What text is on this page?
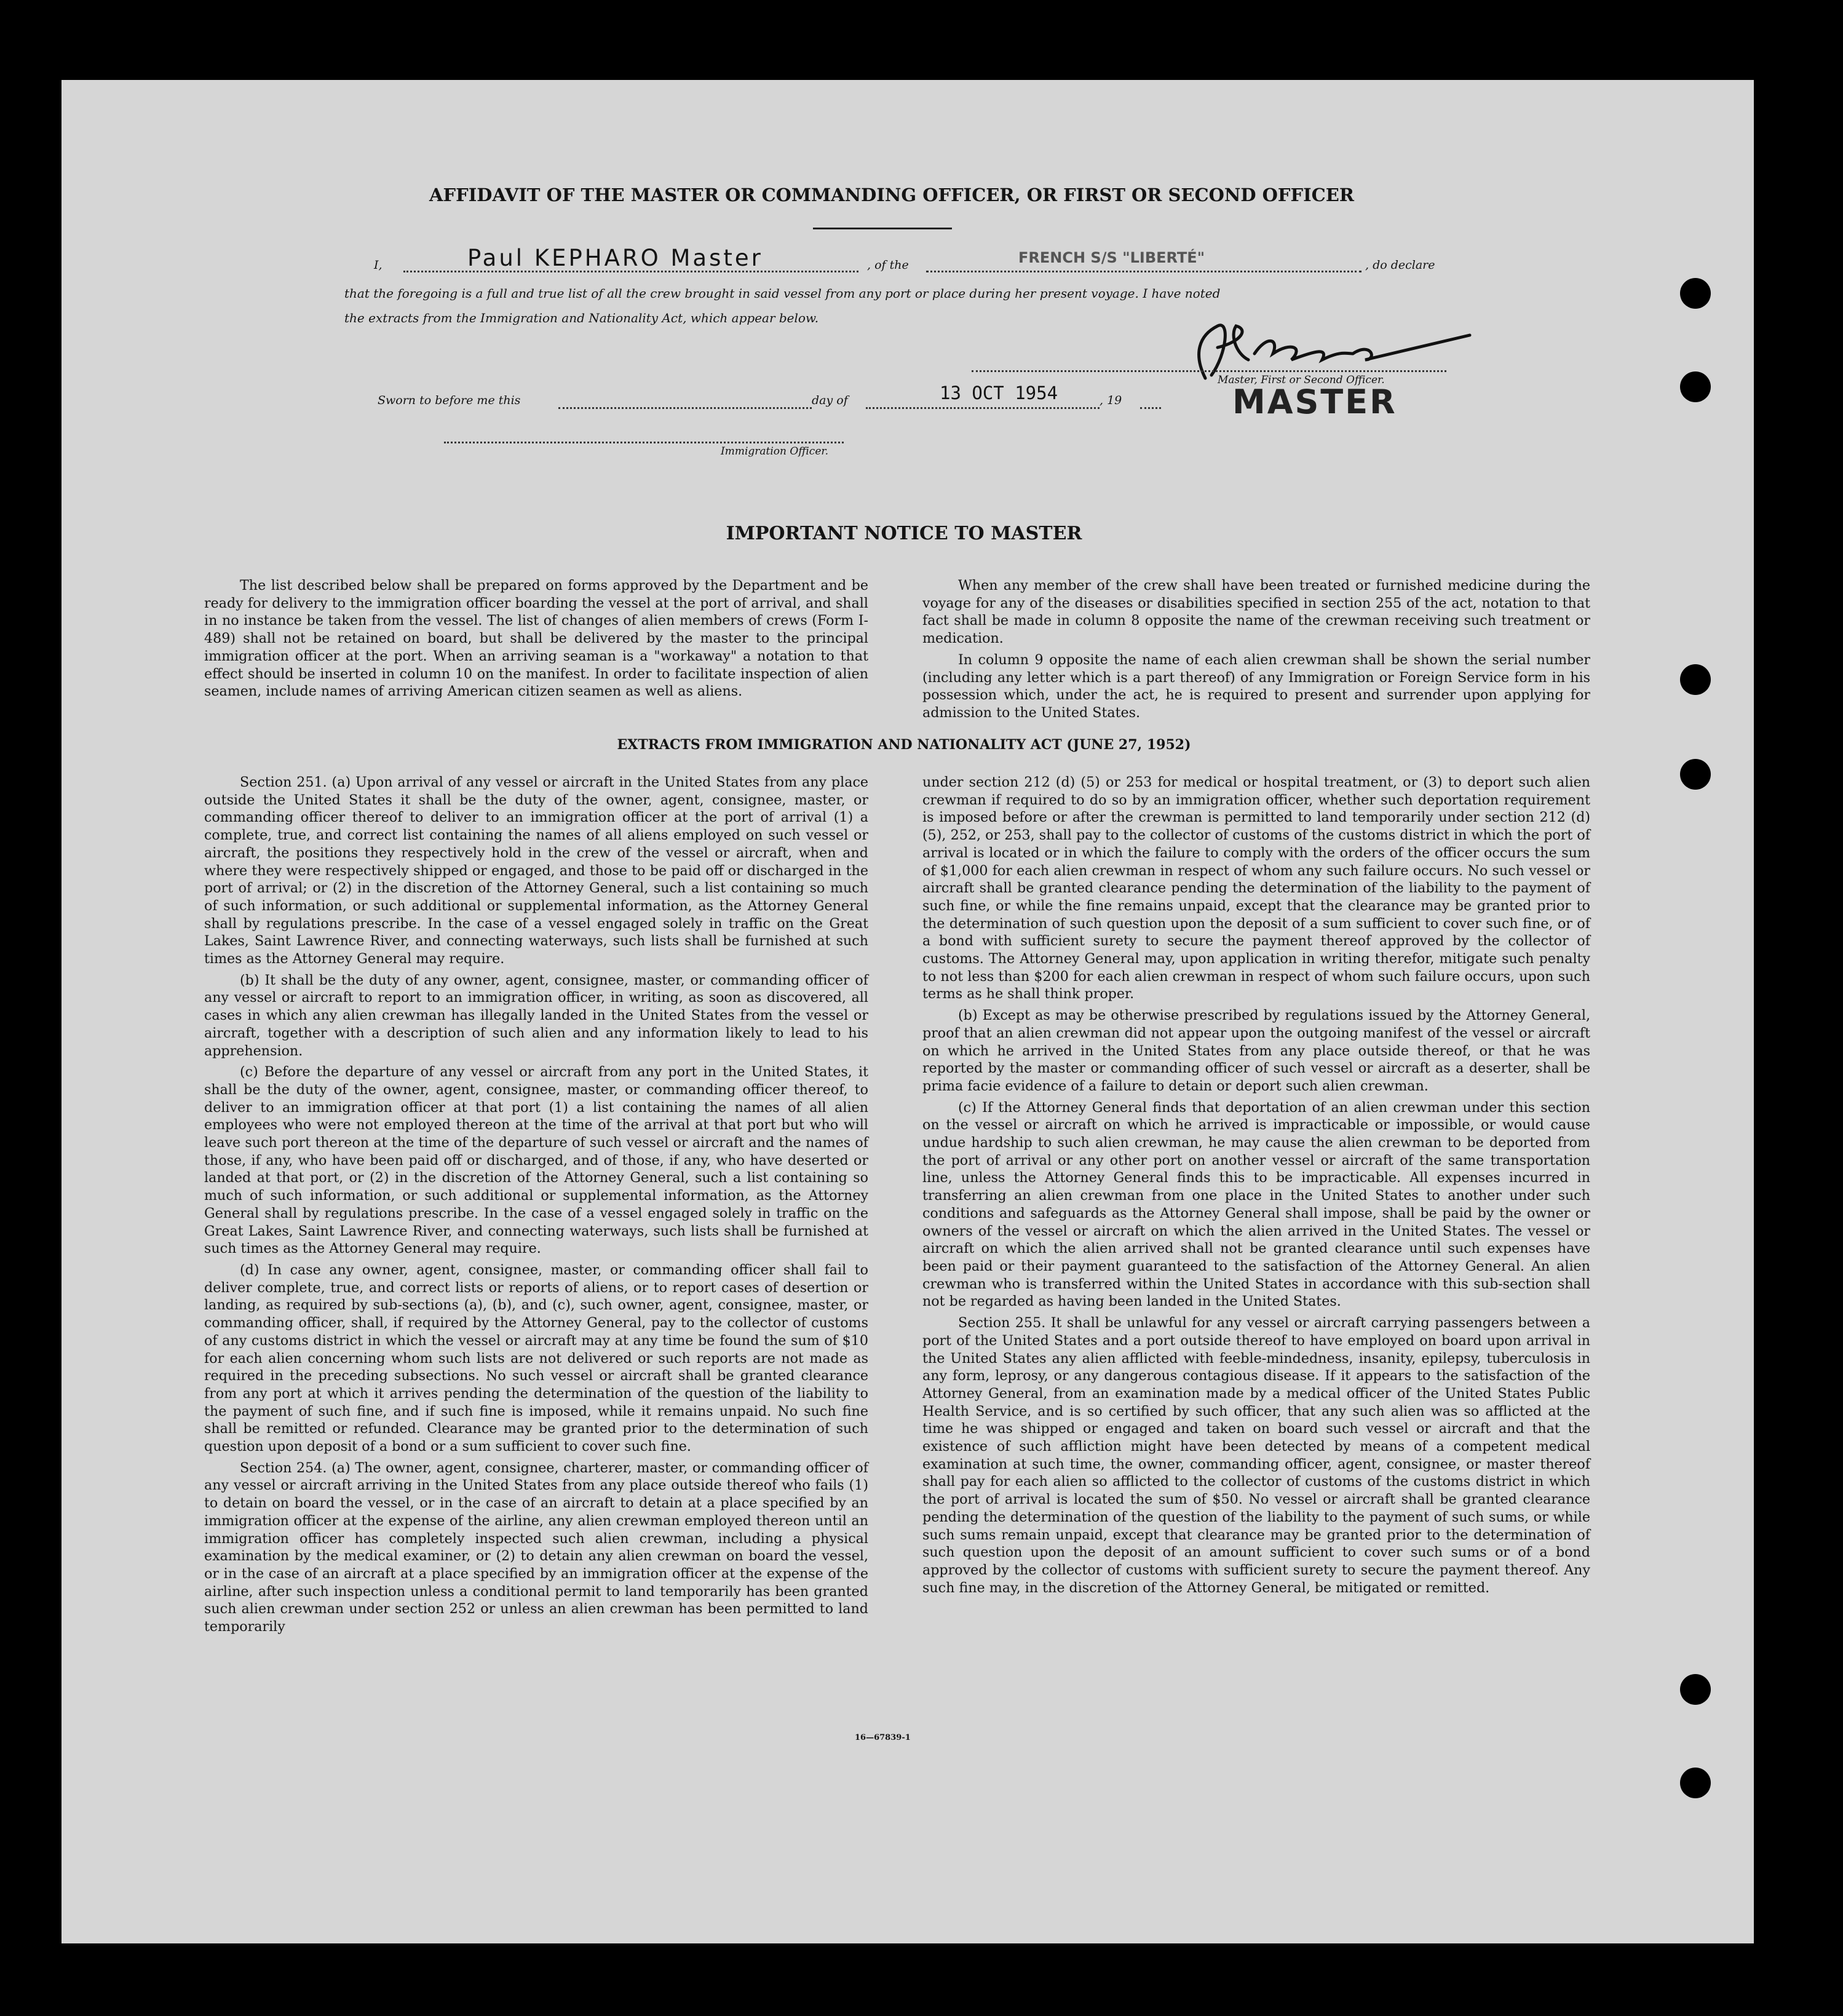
AFFIDAVIT OF THE MASTER OR COMMANDING OFFICER, OR FIRST OR SECOND OFFICER
I,	Paul KEPHARO Master	, of the	FRENCH S/S "LIBERTÉ"	, do declare
that the foregoing is a full and true list of all the crew brought in said vessel from any port or place during her present voyage. I have noted
the extracts from the Immigration and Nationality Act, which appear below.
Master, First or Second Officer.
MASTER
Sworn to before me this	day of	13 OCT 1954	, 19
Immigration Officer.
IMPORTANT NOTICE TO MASTER

The list described below shall be prepared on forms approved by the Department and be ready for delivery to the immigration officer boarding the vessel at the port of arrival, and shall in no instance be taken from the vessel. The list of changes of alien members of crews (Form I-489) shall not be retained on board, but shall be delivered by the master to the principal immigration officer at the port. When an arriving seaman is a "workaway" a notation to that effect should be inserted in column 10 on the manifest. In order to facilitate inspection of alien seamen, include names of arriving American citizen seamen as well as aliens.

When any member of the crew shall have been treated or furnished medicine during the voyage for any of the diseases or disabilities specified in section 255 of the act, notation to that fact shall be made in column 8 opposite the name of the crewman receiving such treatment or medication.

In column 9 opposite the name of each alien crewman shall be shown the serial number (including any letter which is a part thereof) of any Immigration or Foreign Service form in his possession which, under the act, he is required to present and surrender upon applying for admission to the United States.

EXTRACTS FROM IMMIGRATION AND NATIONALITY ACT (JUNE 27, 1952)

Section 251. (a) Upon arrival of any vessel or aircraft in the United States from any place outside the United States it shall be the duty of the owner, agent, consignee, master, or commanding officer thereof to deliver to an immigration officer at the port of arrival (1) a complete, true, and correct list containing the names of all aliens employed on such vessel or aircraft, the positions they respectively hold in the crew of the vessel or aircraft, when and where they were respectively shipped or engaged, and those to be paid off or discharged in the port of arrival; or (2) in the discretion of the Attorney General, such a list containing so much of such information, or such additional or supplemental information, as the Attorney General shall by regulations prescribe. In the case of a vessel engaged solely in traffic on the Great Lakes, Saint Lawrence River, and connecting waterways, such lists shall be furnished at such times as the Attorney General may require.

(b) It shall be the duty of any owner, agent, consignee, master, or commanding officer of any vessel or aircraft to report to an immigration officer, in writing, as soon as discovered, all cases in which any alien crewman has illegally landed in the United States from the vessel or aircraft, together with a description of such alien and any information likely to lead to his apprehension.

(c) Before the departure of any vessel or aircraft from any port in the United States, it shall be the duty of the owner, agent, consignee, master, or commanding officer thereof, to deliver to an immigration officer at that port (1) a list containing the names of all alien employees who were not employed thereon at the time of the arrival at that port but who will leave such port thereon at the time of the departure of such vessel or aircraft and the names of those, if any, who have been paid off or discharged, and of those, if any, who have deserted or landed at that port, or (2) in the discretion of the Attorney General, such a list containing so much of such information, or such additional or supplemental information, as the Attorney General shall by regulations prescribe. In the case of a vessel engaged solely in traffic on the Great Lakes, Saint Lawrence River, and connecting waterways, such lists shall be furnished at such times as the Attorney General may require.

(d) In case any owner, agent, consignee, master, or commanding officer shall fail to deliver complete, true, and correct lists or reports of aliens, or to report cases of desertion or landing, as required by sub-sections (a), (b), and (c), such owner, agent, consignee, master, or commanding officer, shall, if required by the Attorney General, pay to the collector of customs of any customs district in which the vessel or aircraft may at any time be found the sum of $10 for each alien concerning whom such lists are not delivered or such reports are not made as required in the preceding subsections. No such vessel or aircraft shall be granted clearance from any port at which it arrives pending the determination of the question of the liability to the payment of such fine, and if such fine is imposed, while it remains unpaid. No such fine shall be remitted or refunded. Clearance may be granted prior to the determination of such question upon deposit of a bond or a sum sufficient to cover such fine.

Section 254. (a) The owner, agent, consignee, charterer, master, or commanding officer of any vessel or aircraft arriving in the United States from any place outside thereof who fails (1) to detain on board the vessel, or in the case of an aircraft to detain at a place specified by an immigration officer at the expense of the airline, any alien crewman employed thereon until an immigration officer has completely inspected such alien crewman, including a physical examination by the medical examiner, or (2) to detain any alien crewman on board the vessel, or in the case of an aircraft at a place specified by an immigration officer at the expense of the airline, after such inspection unless a conditional permit to land temporarily has been granted such alien crewman under section 252 or unless an alien crewman has been permitted to land temporarily

under section 212 (d) (5) or 253 for medical or hospital treatment, or (3) to deport such alien crewman if required to do so by an immigration officer, whether such deportation requirement is imposed before or after the crewman is permitted to land temporarily under section 212 (d) (5), 252, or 253, shall pay to the collector of customs of the customs district in which the port of arrival is located or in which the failure to comply with the orders of the officer occurs the sum of $1,000 for each alien crewman in respect of whom any such failure occurs. No such vessel or aircraft shall be granted clearance pending the determination of the liability to the payment of such fine, or while the fine remains unpaid, except that the clearance may be granted prior to the determination of such question upon the deposit of a sum sufficient to cover such fine, or of a bond with sufficient surety to secure the payment thereof approved by the collector of customs. The Attorney General may, upon application in writing therefor, mitigate such penalty to not less than $200 for each alien crewman in respect of whom such failure occurs, upon such terms as he shall think proper.

(b) Except as may be otherwise prescribed by regulations issued by the Attorney General, proof that an alien crewman did not appear upon the outgoing manifest of the vessel or aircraft on which he arrived in the United States from any place outside thereof, or that he was reported by the master or commanding officer of such vessel or aircraft as a deserter, shall be prima facie evidence of a failure to detain or deport such alien crewman.

(c) If the Attorney General finds that deportation of an alien crewman under this section on the vessel or aircraft on which he arrived is impracticable or impossible, or would cause undue hardship to such alien crewman, he may cause the alien crewman to be deported from the port of arrival or any other port on another vessel or aircraft of the same transportation line, unless the Attorney General finds this to be impracticable. All expenses incurred in transferring an alien crewman from one place in the United States to another under such conditions and safeguards as the Attorney General shall impose, shall be paid by the owner or owners of the vessel or aircraft on which the alien arrived in the United States. The vessel or aircraft on which the alien arrived shall not be granted clearance until such expenses have been paid or their payment guaranteed to the satisfaction of the Attorney General. An alien crewman who is transferred within the United States in accordance with this sub-section shall not be regarded as having been landed in the United States.

Section 255. It shall be unlawful for any vessel or aircraft carrying passengers between a port of the United States and a port outside thereof to have employed on board upon arrival in the United States any alien afflicted with feeble-mindedness, insanity, epilepsy, tuberculosis in any form, leprosy, or any dangerous contagious disease. If it appears to the satisfaction of the Attorney General, from an examination made by a medical officer of the United States Public Health Service, and is so certified by such officer, that any such alien was so afflicted at the time he was shipped or engaged and taken on board such vessel or aircraft and that the existence of such affliction might have been detected by means of a competent medical examination at such time, the owner, commanding officer, agent, consignee, or master thereof shall pay for each alien so afflicted to the collector of customs of the customs district in which the port of arrival is located the sum of $50. No vessel or aircraft shall be granted clearance pending the determination of the question of the liability to the payment of such sums, or while such sums remain unpaid, except that clearance may be granted prior to the determination of such question upon the deposit of an amount sufficient to cover such sums or of a bond approved by the collector of customs with sufficient surety to secure the payment thereof. Any such fine may, in the discretion of the Attorney General, be mitigated or remitted.

16—67839-1
